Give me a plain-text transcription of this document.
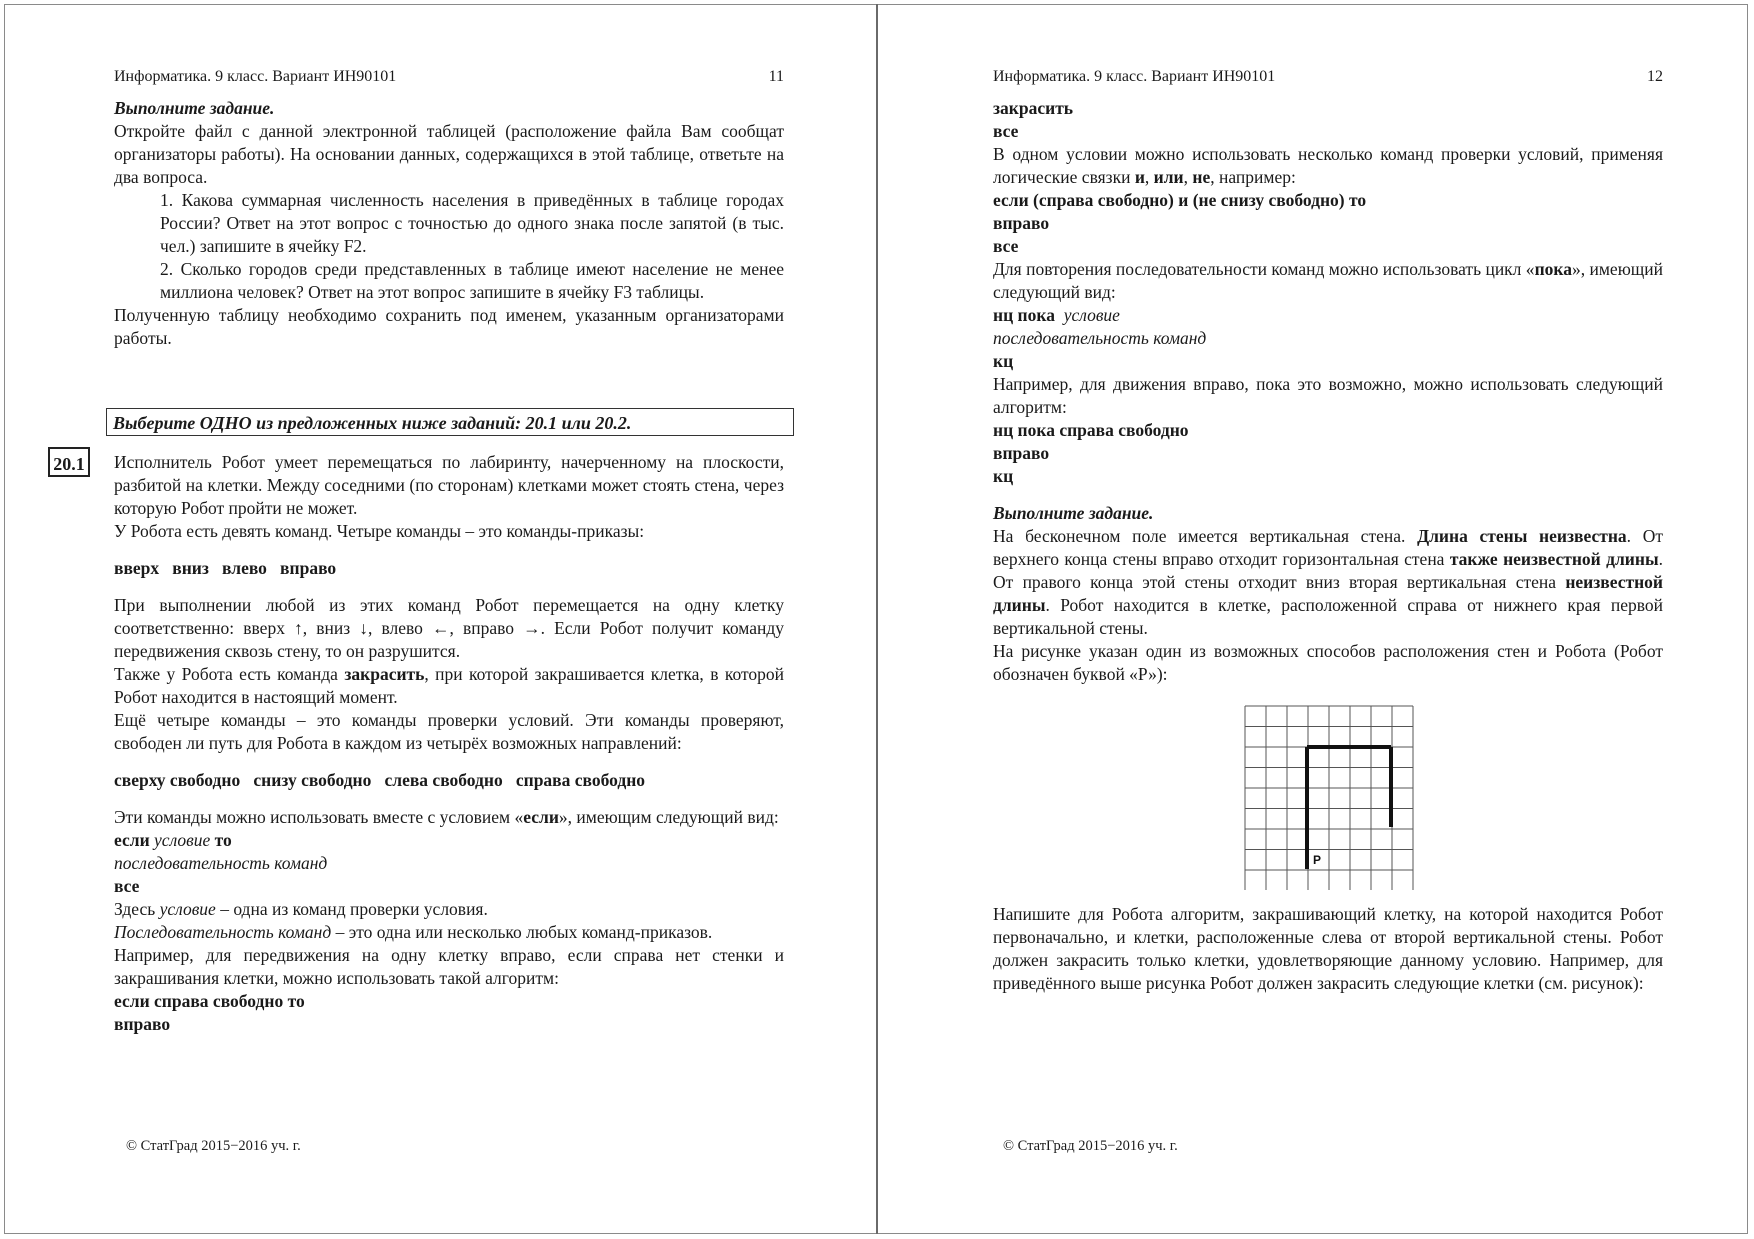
Информатика. 9 класс. Вариант ИН90101	11

Выполните задание.

Откройте файл с данной электронной таблицей (расположение файла Вам сообщат организаторы работы). На основании данных, содержащихся в этой таблице, ответьте на два вопроса.

1. Какова суммарная численность населения в приведённых в таблице городах России? Ответ на этот вопрос с точностью до одного знака после запятой (в тыс. чел.) запишите в ячейку F2.

2. Сколько городов среди представленных в таблице имеют население не менее миллиона человек? Ответ на этот вопрос запишите в ячейку F3 таблицы.

Полученную таблицу необходимо сохранить под именем, указанным организаторами работы.

Выберите ОДНО из предложенных ниже заданий: 20.1 или 20.2.
20.1	Исполнитель Робот умеет перемещаться по лабиринту, начерченному на плоскости, разбитой на клетки. Между соседними (по сторонам) клетками может стоять стена, через которую Робот пройти не может.

У Робота есть девять команд. Четыре команды – это команды-приказы:

вверх   вниз   влево   вправо

При выполнении любой из этих команд Робот перемещается на одну клетку соответственно: вверх ↑, вниз ↓, влево ←, вправо →. Если Робот получит команду передвижения сквозь стену, то он разрушится.

Также у Робота есть команда закрасить, при которой закрашивается клетка, в которой Робот находится в настоящий момент.

Ещё четыре команды – это команды проверки условий. Эти команды проверяют, свободен ли путь для Робота в каждом из четырёх возможных направлений:

сверху свободно   снизу свободно   слева свободно   справа свободно

Эти команды можно использовать вместе с условием «если», имеющим следующий вид:

если условие то

последовательность команд

все

Здесь условие – одна из команд проверки условия.

Последовательность команд – это одна или несколько любых команд-приказов.

Например, для передвижения на одну клетку вправо, если справа нет стенки и закрашивания клетки, можно использовать такой алгоритм:

если справа свободно то

вправо

© СтатГрад 2015−2016 уч. г.
Информатика. 9 класс. Вариант ИН90101	12

закрасить

все

В одном условии можно использовать несколько команд проверки условий, применяя логические связки и, или, не, например:

если (справа свободно) и (не снизу свободно) то

вправо

все

Для повторения последовательности команд можно использовать цикл «пока», имеющий следующий вид:

нц пока условие

последовательность команд

кц

Например, для движения вправо, пока это возможно, можно использовать следующий алгоритм:

нц пока справа свободно

вправо

кц

Выполните задание.

На бесконечном поле имеется вертикальная стена. Длина стены неизвестна. От верхнего конца стены вправо отходит горизонтальная стена также неизвестной длины. От правого конца этой стены отходит вниз вторая вертикальная стена неизвестной длины. Робот находится в клетке, расположенной справа от нижнего края первой вертикальной стены.

На рисунке указан один из возможных способов расположения стен и Робота (Робот обозначен буквой «Р»):

Р

Напишите для Робота алгоритм, закрашивающий клетку, на которой находится Робот первоначально, и клетки, расположенные слева от второй вертикальной стены. Робот должен закрасить только клетки, удовлетворяющие данному условию. Например, для приведённого выше рисунка Робот должен закрасить следующие клетки (см. рисунок):

© СтатГрад 2015−2016 уч. г.
